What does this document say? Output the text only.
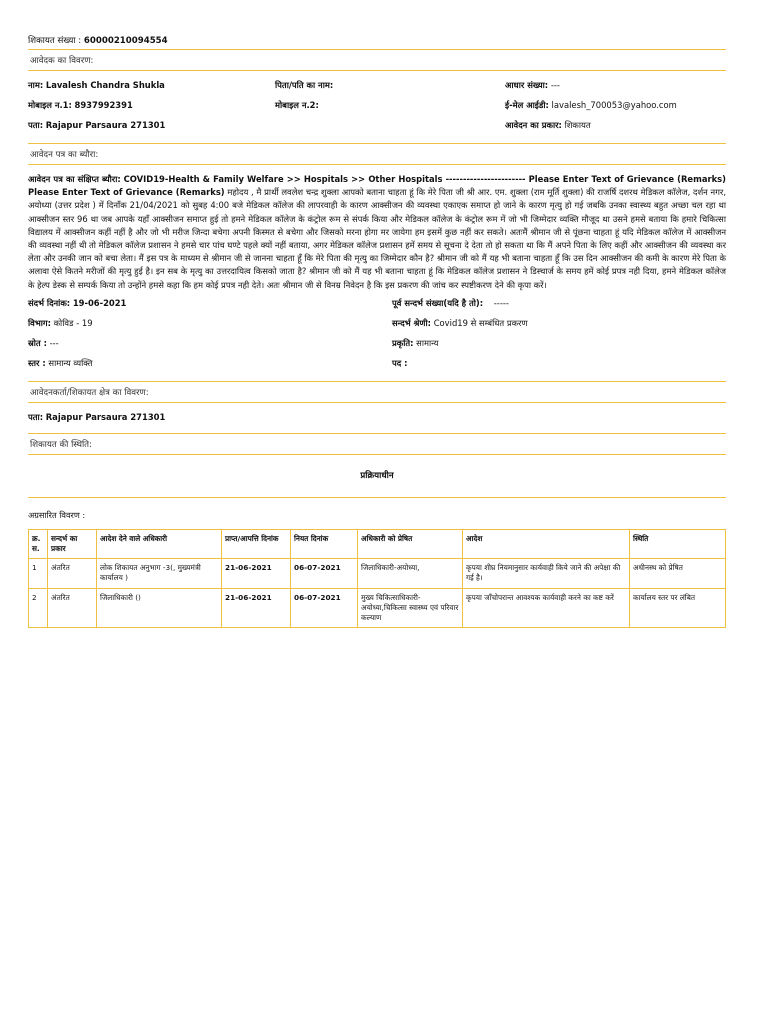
शिकायत संख्या : 60000210094554
आवेदक का विवरण:
नाम: Lavalesh Chandra Shukla	पिता/पति का नाम:	आधार संख्या: ---
मोबाइल न.1: 8937992391	मोबाइल न.2:	ई-मेल आईडी: lavalesh_700053@yahoo.com
पता: Rajapur Parsaura 271301	आवेदन का प्रकार: शिकायत
आवेदन पत्र का ब्यौरा:
आवेदन पत्र का संक्षिप्त ब्यौरा: COVID19-Health & Family Welfare >> Hospitals >> Other Hospitals ----------------------- Please Enter Text of Grievance (Remarks) Please Enter Text of Grievance (Remarks) महोदय , मै प्रार्थी लवलेश चन्द्र शुक्ला आपको बताना चाहता हूं कि मेरे पिता जी श्री आर. एम. शुक्ला (राम मूर्ति शुक्ला) की राजर्षि दशरथ मेडिकल कॉलेज, दर्शन नगर, अयोध्या (उत्तर प्रदेश ) में दिनाँक 21/04/2021 को सुबह 4:00 बजे मेडिकल कॉलेज की लापरवाही के कारण आक्सीजन की व्यवस्था एकाएक समाप्त हो जाने के कारण मृत्यु हो गई जबकि उनका स्वास्थ्य बहुत अच्छा चल रहा था आक्सीजन स्तर 96 था जब आपके यहाँ आक्सीजन समाप्त हुई तो हमने मेडिकल कॉलेज के कंट्रोल रूम से संपर्क किया और मेडिकल कॉलेज के कंट्रोल रूम में जो भी जिम्मेदार व्यक्ति मौजूद था उसने हमसे बताया कि हमारे चिकित्सा विद्यालय में आक्सीजन कहीं नहीं है और जो भी मरीज जिन्दा बचेगा अपनी किस्मत से बचेगा और जिसको मरना होगा मर जायेगा हम इसमें कुछ नहीं कर सकते। अतःमैं श्रीमान जी से पूंछना चाहता हूं यदि मेडिकल कॉलेज में आक्सीजन की व्यवस्था नहीं थी तो मेडिकल कॉलेज प्रशासन ने हमसे चार पांच घण्टे पहले क्यों नहीं बताया, अगर मेडिकल कॉलेज प्रशासन हमें समय से सूचना दे देता तो हो सकता था कि मैं अपने पिता के लिए कहीं और आक्सीजन की व्यवस्था कर लेता और उनकी जान को बचा लेता। मैं इस पत्र के माध्यम से श्रीमान जी से जानना चाहता हूँ कि मेरे पिता की मृत्यु का जिम्मेदार कौन है? श्रीमान जी को मैं यह भी बताना चाहता हूँ कि उस दिन आक्सीजन की कमी के कारण मेरे पिता के अलावा ऐसे कितने मरीजों की मृत्यु हुई है। इन सब के मृत्यु का उत्तरदायित्व किसको जाता है? श्रीमान जी को मैं यह भी बताना चाहता हूं कि मेडिकल कॉलेज प्रशासन ने डिस्चार्ज के समय हमें कोई प्रपत्र नही दिया, हमने मेडिकल कॉलेज के हेल्प डेस्क से सम्पर्क किया तो उन्होंने हमसे कहा कि हम कोई प्रपत्र नही देते। अतः श्रीमान जी से विनम्र निवेदन है कि इस प्रकरण की जांच कर स्पष्टीकरण देने की कृपा करें।
संदर्भ दिनांक: 19-06-2021	पूर्व सन्दर्भ संख्या(यदि है तो): -----
विभाग: कोविड - 19	सन्दर्भ श्रेणी: Covid19 से सम्बंधित प्रकरण
स्रोत : ---	प्रकृति: सामान्य
स्तर : सामान्य व्यक्ति	पद :
आवेदनकर्ता/शिकायत क्षेत्र का विवरण:
पता: Rajapur Parsaura 271301
शिकायत की स्थिति:
प्रक्रियाधीन
अग्रसारित विवरण :
क्र. स.	सन्दर्भ का प्रकार	आदेश देने वाले अधिकारी	प्राप्त/आपत्ति दिनांक	नियत दिनांक	अधिकारी को प्रेषित	आदेश	स्थिति
1	अंतरित	लोक शिकायत अनुभाग -3(, मुख्यमंत्री कार्यालय )	21-06-2021	06-07-2021	जिलाधिकारी-अयोध्या,	कृपया शीघ्र नियमानुसार कार्यवाही किये जाने की अपेक्षा की गई है।	अधीनस्थ को प्रेषित
2	अंतरित	जिलाधिकारी ()	21-06-2021	06-07-2021	मुख्य चिकित्साधिकारी-अयोध्या,चिकित्सा स्वास्थ्य एवं परिवार कल्याण	कृपया जाँचोपरान्त आवश्यक कार्यवाही करने का कष्ट करें	कार्यालय स्तर पर लंबित
